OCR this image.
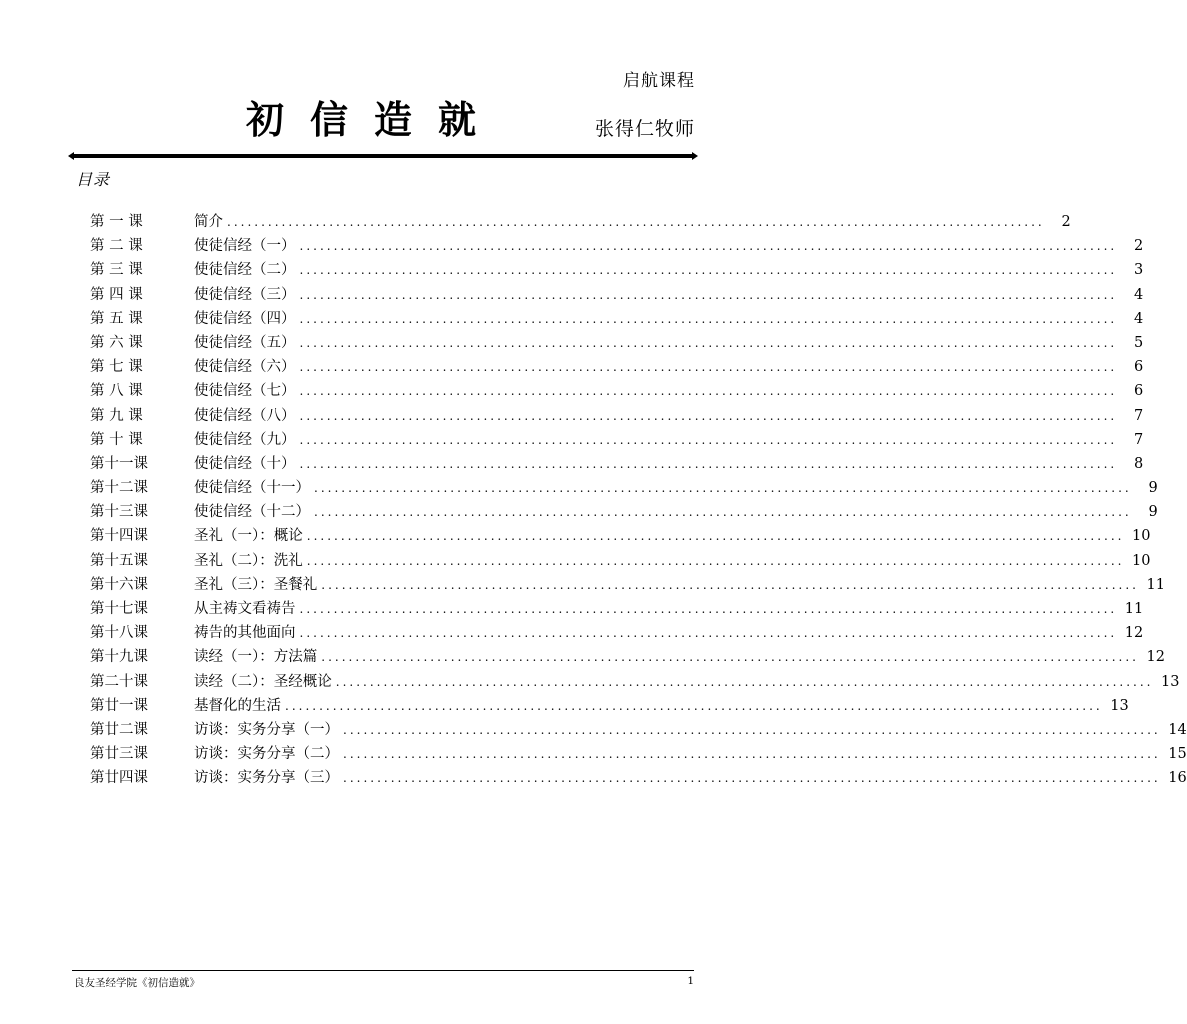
启航课程
初信造就	张得仁牧师
目录
第 一 课	简介 ........................................................................................................................	2
第 二 课	使徒信经（一） ........................................................................................................................	2
第 三 课	使徒信经（二） ........................................................................................................................	3
第 四 课	使徒信经（三） ........................................................................................................................	4
第 五 课	使徒信经（四） ........................................................................................................................	4
第 六 课	使徒信经（五） ........................................................................................................................	5
第 七 课	使徒信经（六） ........................................................................................................................	6
第 八 课	使徒信经（七） ........................................................................................................................	6
第 九 课	使徒信经（八） ........................................................................................................................	7
第 十 课	使徒信经（九） ........................................................................................................................	7
第十一课	使徒信经（十） ........................................................................................................................	8
第十二课	使徒信经（十一） ........................................................................................................................	9
第十三课	使徒信经（十二） ........................................................................................................................	9
第十四课	圣礼（一）：概论 ........................................................................................................................ 10
第十五课	圣礼（二）：洗礼 ........................................................................................................................ 10
第十六课	圣礼（三）：圣餐礼 ........................................................................................................................ 11
第十七课	从主祷文看祷告 ........................................................................................................................ 11
第十八课	祷告的其他面向 ........................................................................................................................ 12
第十九课	读经（一）：方法篇 ........................................................................................................................ 12
第二十课	读经（二）：圣经概论 ........................................................................................................................ 13
第廿一课	基督化的生活 ........................................................................................................................ 13
第廿二课	访谈：实务分享（一） ........................................................................................................................ 14
第廿三课	访谈：实务分享（二） ........................................................................................................................ 15
第廿四课	访谈：实务分享（三） ........................................................................................................................ 16
良友圣经学院《初信造就》	1
